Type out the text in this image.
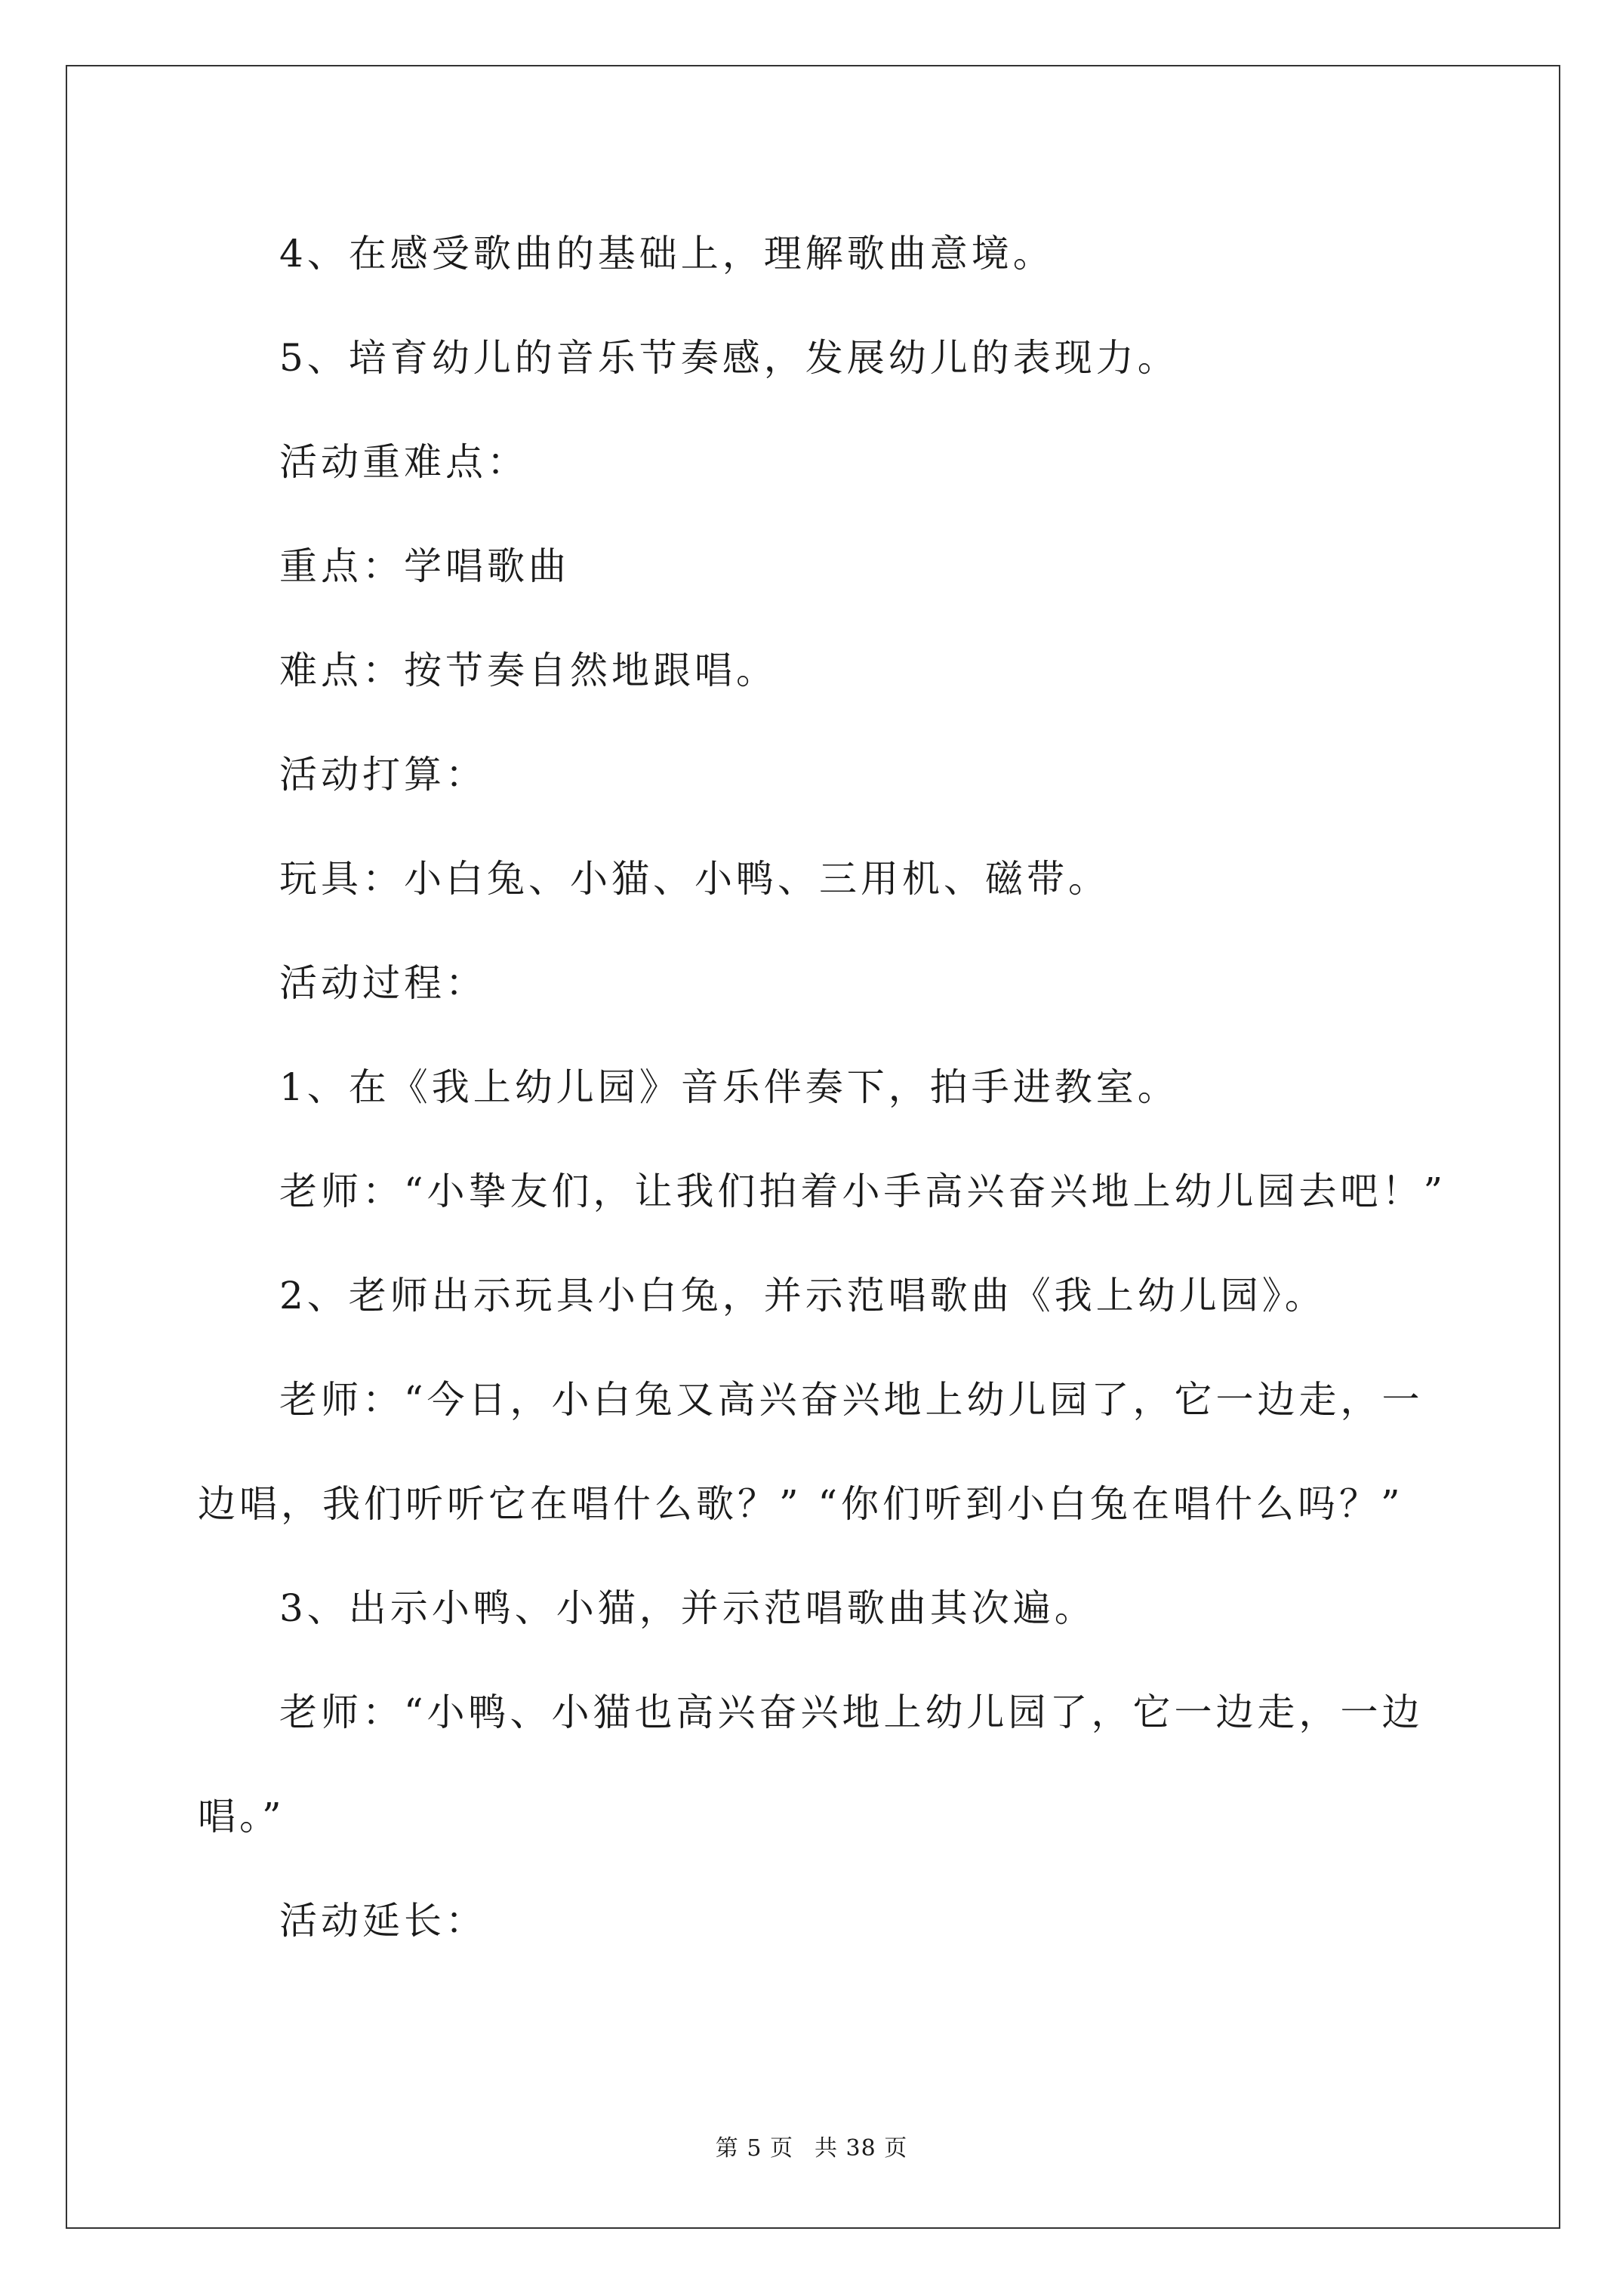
4、在感受歌曲的基础上，理解歌曲意境。
5、培育幼儿的音乐节奏感，发展幼儿的表现力。
活动重难点：
重点：学唱歌曲
难点：按节奏自然地跟唱。
活动打算：
玩具：小白兔、小猫、小鸭、三用机、磁带。
活动过程：
1、在《我上幼儿园》音乐伴奏下，拍手进教室。
老师：“小挚友们，让我们拍着小手高兴奋兴地上幼儿园去吧！”
2、老师出示玩具小白兔，并示范唱歌曲《我上幼儿园》。
老师：“今日，小白兔又高兴奋兴地上幼儿园了，它一边走，一
边唱，我们听听它在唱什么歌？” “你们听到小白兔在唱什么吗？”
3、出示小鸭、小猫，并示范唱歌曲其次遍。
老师：“小鸭、小猫也高兴奋兴地上幼儿园了，它一边走，一边
唱。”
活动延长：
第 5 页 共 38 页
